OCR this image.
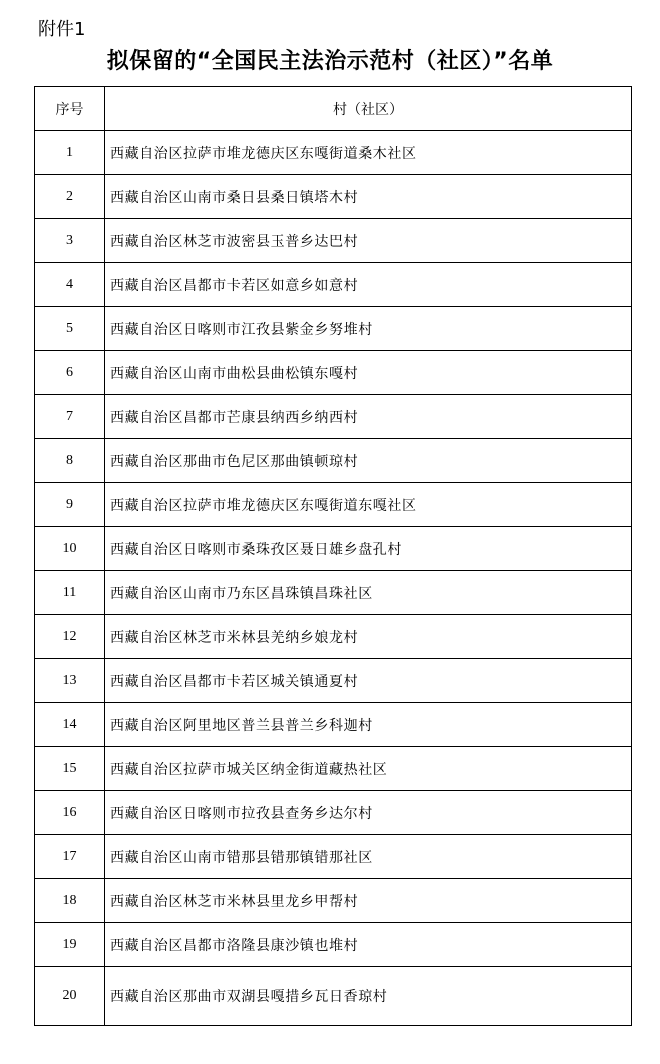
附件1
拟保留的“全国民主法治示范村（社区）”名单
序号	村（社区）
1	西藏自治区拉萨市堆龙德庆区东嘎街道桑木社区
2	西藏自治区山南市桑日县桑日镇塔木村
3	西藏自治区林芝市波密县玉普乡达巴村
4	西藏自治区昌都市卡若区如意乡如意村
5	西藏自治区日喀则市江孜县紫金乡努堆村
6	西藏自治区山南市曲松县曲松镇东嘎村
7	西藏自治区昌都市芒康县纳西乡纳西村
8	西藏自治区那曲市色尼区那曲镇顿琼村
9	西藏自治区拉萨市堆龙德庆区东嘎街道东嘎社区
10	西藏自治区日喀则市桑珠孜区聂日雄乡盘孔村
11	西藏自治区山南市乃东区昌珠镇昌珠社区
12	西藏自治区林芝市米林县羌纳乡娘龙村
13	西藏自治区昌都市卡若区城关镇通夏村
14	西藏自治区阿里地区普兰县普兰乡科迦村
15	西藏自治区拉萨市城关区纳金街道藏热社区
16	西藏自治区日喀则市拉孜县查务乡达尔村
17	西藏自治区山南市错那县错那镇错那社区
18	西藏自治区林芝市米林县里龙乡甲帮村
19	西藏自治区昌都市洛隆县康沙镇也堆村
20	西藏自治区那曲市双湖县嘎措乡瓦日香琼村
